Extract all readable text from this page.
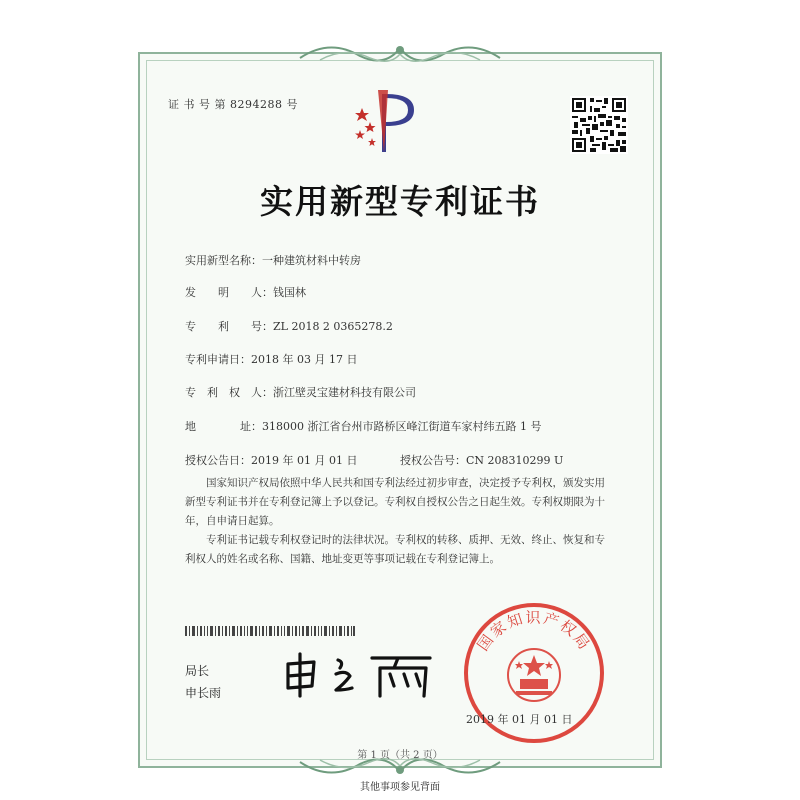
证 书 号 第 8294288 号
实用新型专利证书
实用新型名称：一种建筑材料中转房
发　　明　　人：钱国林
专　　利　　号：ZL 2018 2 0365278.2
专利申请日：2018 年 03 月 17 日
专　利　权　人：浙江壁灵宝建材科技有限公司
地　　　　址：318000 浙江省台州市路桥区峰江街道车家村纬五路 1 号
授权公告日：2019 年 01 月 01 日	授权公告号：CN 208310299 U
国家知识产权局依照中华人民共和国专利法经过初步审查，决定授予专利权，颁发实用新型专利证书并在专利登记簿上予以登记。专利权自授权公告之日起生效。专利权期限为十年，自申请日起算。
专利证书记载专利权登记时的法律状况。专利权的转移、质押、无效、终止、恢复和专利权人的姓名或名称、国籍、地址变更等事项记载在专利登记簿上。
局长
申长雨
国家知识产权局
2019 年 01 月 01 日
第 1 页（共 2 页）
其他事项参见背面
